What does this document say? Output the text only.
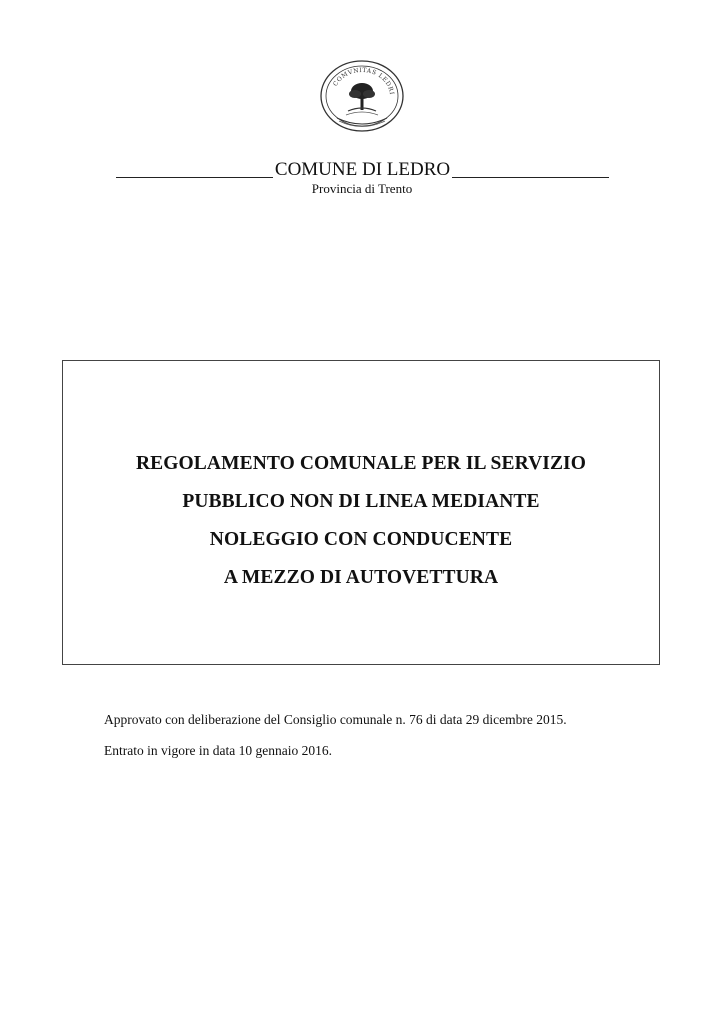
COMVNITAS LEDRI
COMUNE DI LEDRO
Provincia di Trento
REGOLAMENTO COMUNALE PER IL SERVIZIO
PUBBLICO NON DI LINEA MEDIANTE
NOLEGGIO CON CONDUCENTE
A MEZZO DI AUTOVETTURA
Approvato con deliberazione del Consiglio comunale n. 76 di data 29 dicembre 2015.
Entrato in vigore in data 10 gennaio 2016.
